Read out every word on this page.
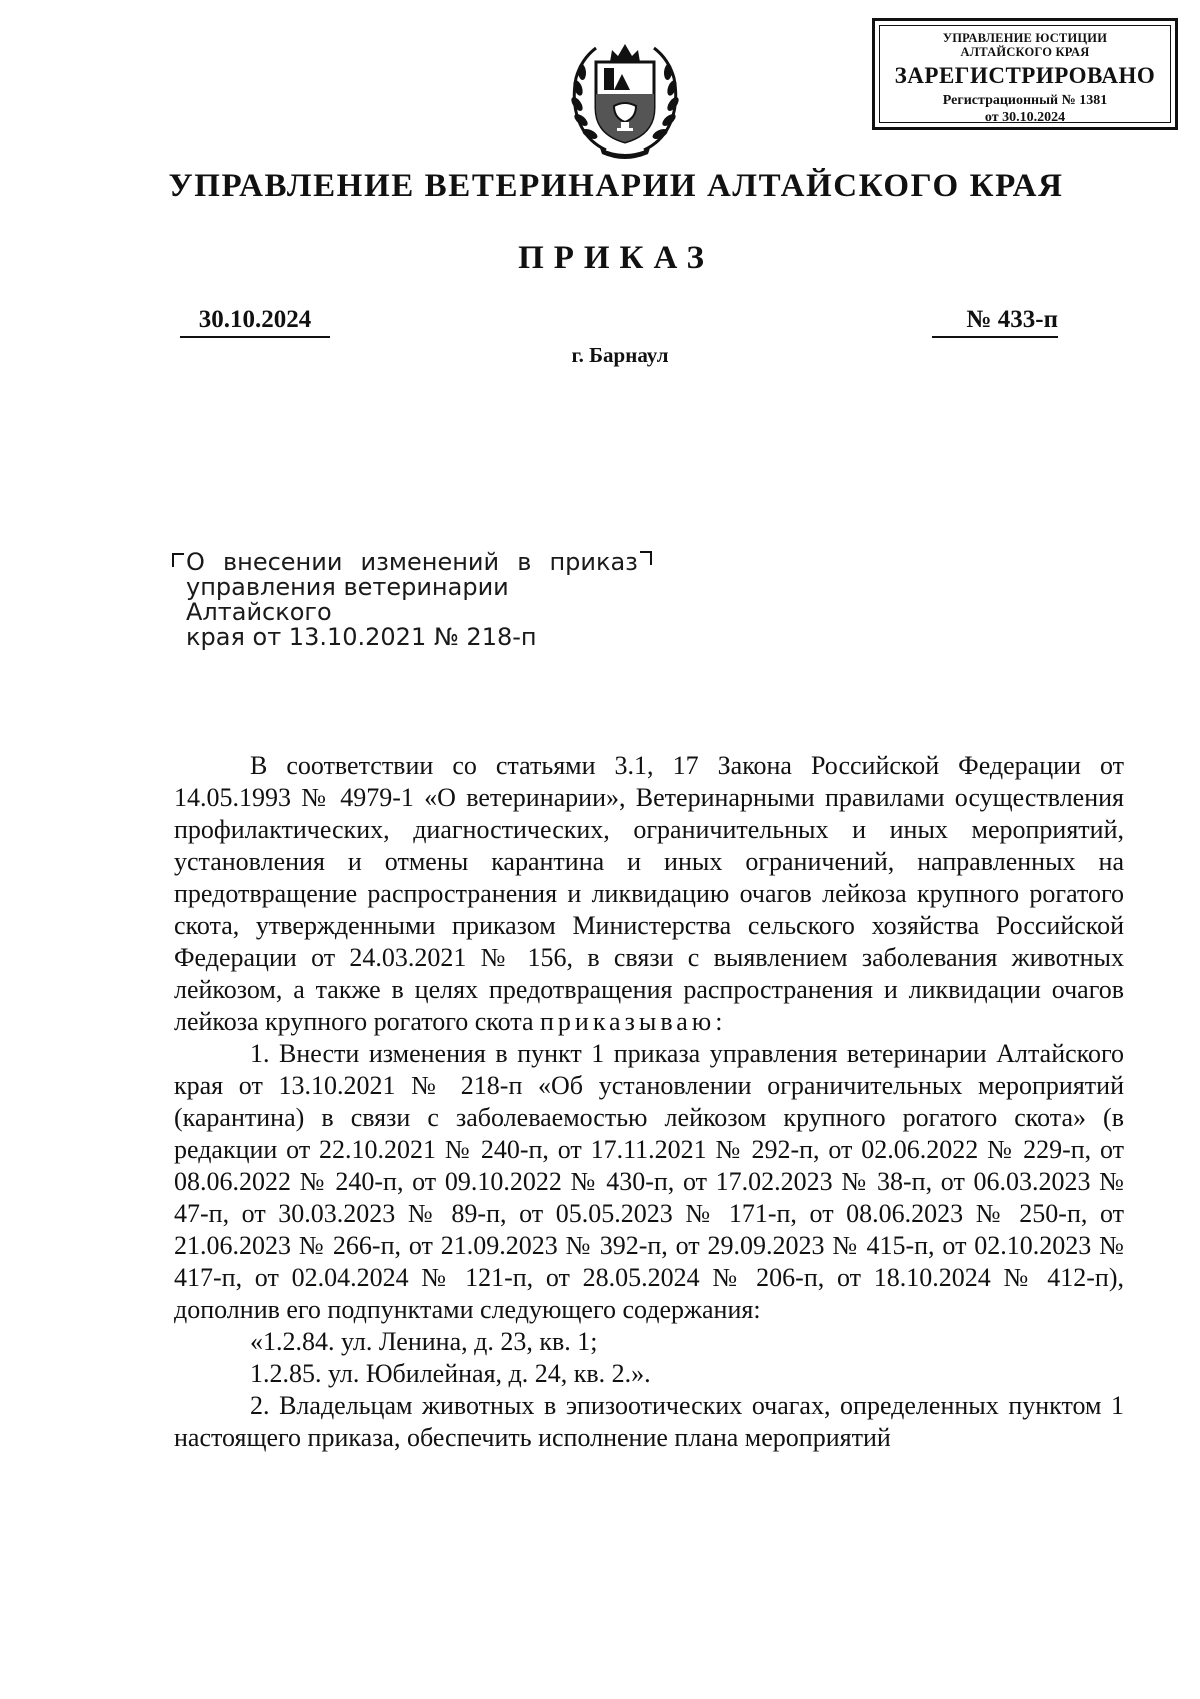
УПРАВЛЕНИЕ ЮСТИЦИИ
АЛТАЙСКОГО КРАЯ
ЗАРЕГИСТРИРОВАНО
Регистрационный № 1381
от 30.10.2024
УПРАВЛЕНИЕ ВЕТЕРИНАРИИ АЛТАЙСКОГО КРАЯ
ПРИКАЗ
30.10.2024	№ 433-п
г. Барнаул
О внесении изменений в приказ
управления ветеринарии Алтайского
края от 13.10.2021 № 218-п

В соответствии со статьями 3.1, 17 Закона Российской Федерации от 14.05.1993 № 4979-1 «О ветеринарии», Ветеринарными правилами осуществления профилактических, диагностических, ограничительных и иных мероприятий, установления и отмены карантина и иных ограничений, направленных на предотвращение распространения и ликвидацию очагов лейкоза крупного рогатого скота, утвержденными приказом Министерства сельского хозяйства Российской Федерации от 24.03.2021 № 156, в связи с выявлением заболевания животных лейкозом, а также в целях предотвращения распространения и ликвидации очагов лейкоза крупного рогатого скота приказываю:

1. Внести изменения в пункт 1 приказа управления ветеринарии Алтайского края от 13.10.2021 № 218-п «Об установлении ограничительных мероприятий (карантина) в связи с заболеваемостью лейкозом крупного рогатого скота» (в редакции от 22.10.2021 № 240-п, от 17.11.2021 № 292-п, от 02.06.2022 № 229-п, от 08.06.2022 № 240-п, от 09.10.2022 № 430-п, от 17.02.2023 № 38-п, от 06.03.2023 № 47-п, от 30.03.2023 № 89-п, от 05.05.2023 № 171-п, от 08.06.2023 № 250-п, от 21.06.2023 № 266-п, от 21.09.2023 № 392-п, от 29.09.2023 № 415-п, от 02.10.2023 № 417-п, от 02.04.2024 № 121-п, от 28.05.2024 № 206-п, от 18.10.2024 № 412-п), дополнив его подпунктами следующего содержания:

«1.2.84. ул. Ленина, д. 23, кв. 1;

1.2.85. ул. Юбилейная, д. 24, кв. 2.».

2. Владельцам животных в эпизоотических очагах, определенных пунктом 1 настоящего приказа, обеспечить исполнение плана мероприятий
